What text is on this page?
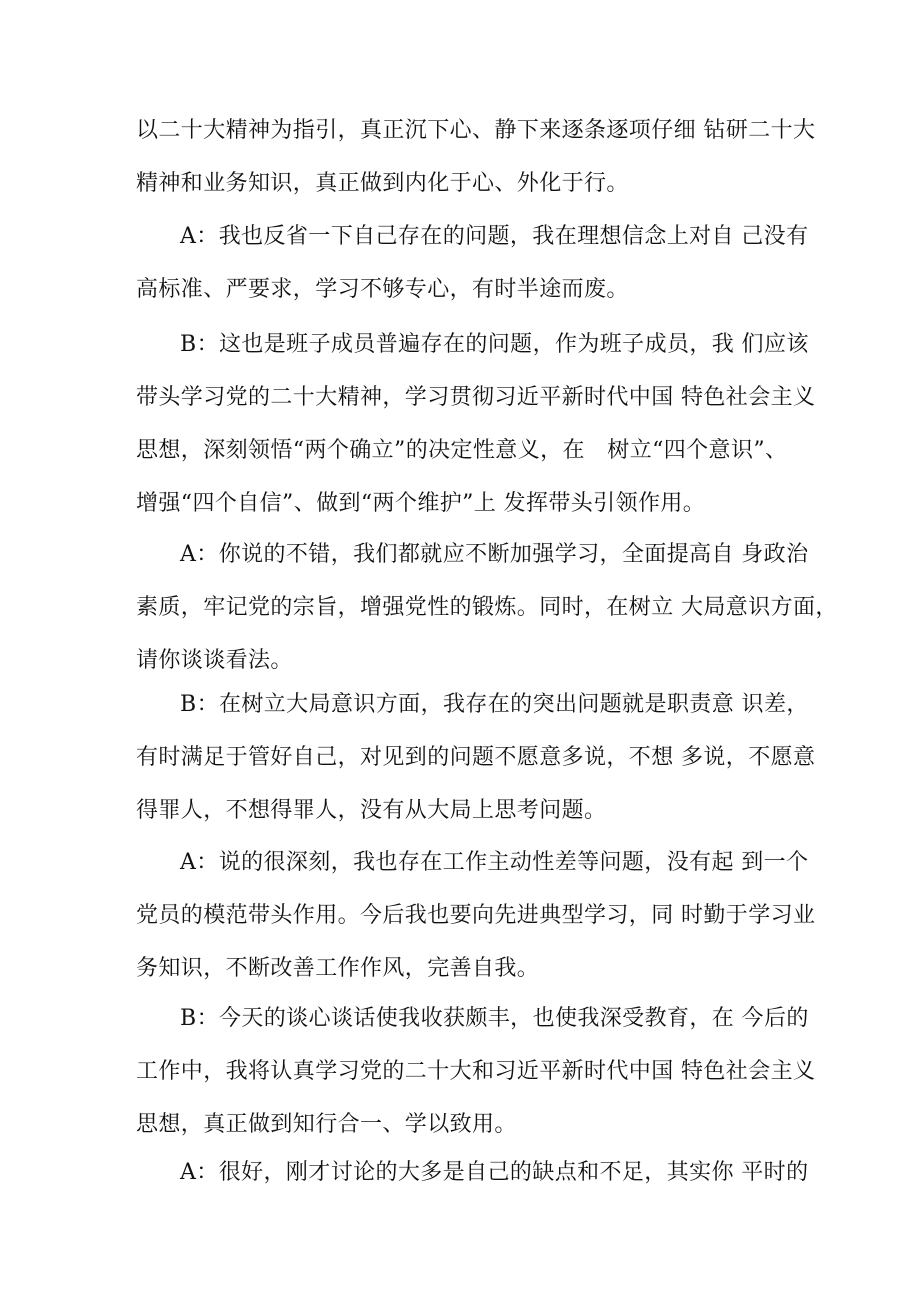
以二十大精神为指引，真正沉下心、静下来逐条逐项仔细 钻研二十大
精神和业务知识，真正做到内化于心、外化于行。
A：我也反省一下自己存在的问题，我在理想信念上对自 己没有
高标准、严要求，学习不够专心，有时半途而废。
B：这也是班子成员普遍存在的问题，作为班子成员，我 们应该
带头学习党的二十大精神，学习贯彻习近平新时代中国 特色社会主义
思想，深刻领悟“两个确立”的决定性意义，在　树立“四个意识”、
增强“四个自信”、做到“两个维护”上 发挥带头引领作用。
A：你说的不错，我们都就应不断加强学习，全面提高自 身政治
素质，牢记党的宗旨，增强党性的锻炼。同时，在树立 大局意识方面，
请你谈谈看法。
B：在树立大局意识方面，我存在的突出问题就是职责意 识差，
有时满足于管好自己，对见到的问题不愿意多说，不想 多说，不愿意
得罪人，不想得罪人，没有从大局上思考问题。
A：说的很深刻，我也存在工作主动性差等问题，没有起 到一个
党员的模范带头作用。今后我也要向先进典型学习，同 时勤于学习业
务知识，不断改善工作作风，完善自我。
B：今天的谈心谈话使我收获颇丰，也使我深受教育，在 今后的
工作中，我将认真学习党的二十大和习近平新时代中国 特色社会主义
思想，真正做到知行合一、学以致用。
A：很好，刚才讨论的大多是自己的缺点和不足，其实你 平时的
